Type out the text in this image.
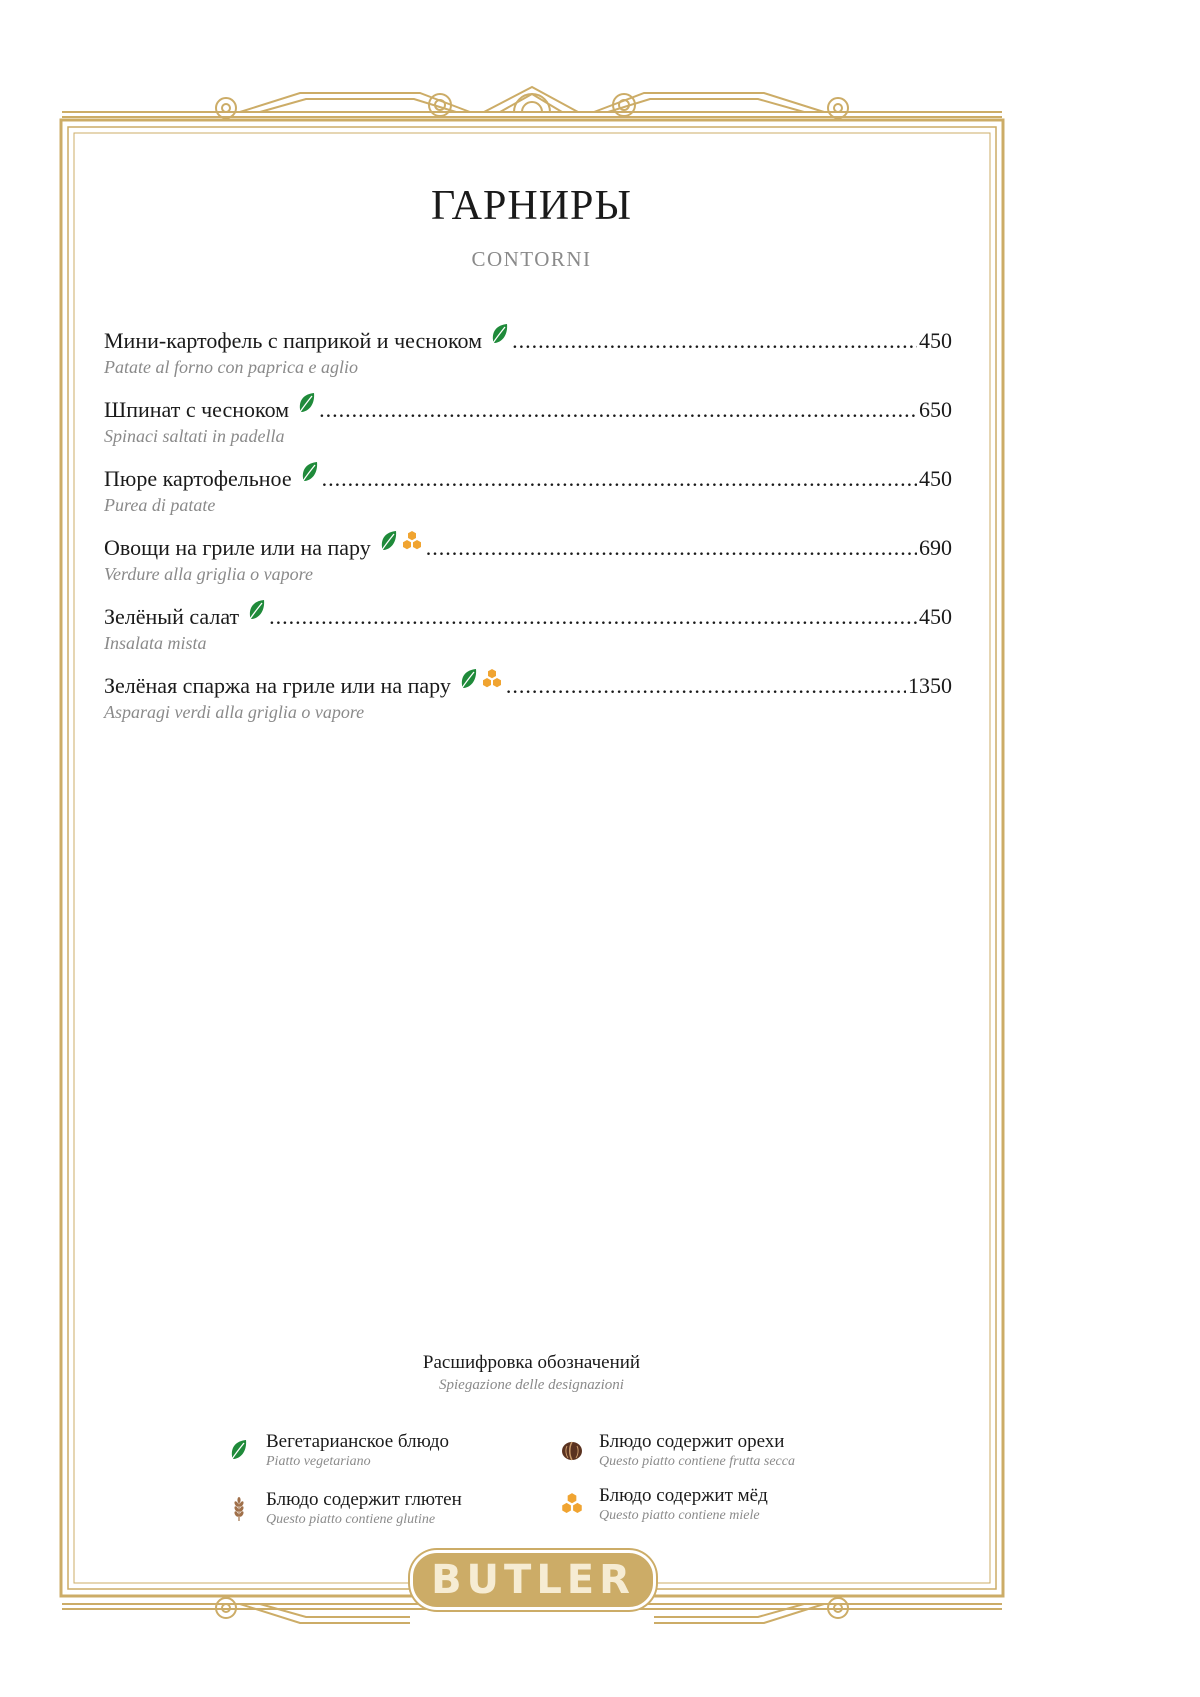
ГАРНИРЫ
CONTORNI
Мини-картофель с паприкой и чесноком .....	450
Patate al forno con paprica e aglio
Шпинат с чесноком .....	650
Spinaci saltati in padella
Пюре картофельное .....	450
Purea di patate
Овощи на гриле или на пару .....	690
Verdure alla griglia o vapore
Зелёный салат .....	450
Insalata mista
Зелёная спаржа на гриле или на пару .....	1350
Asparagi verdi alla griglia o vapore
Расшифровка обозначений
Spiegazione delle designazioni
Вегетарианское блюдо
Piatto vegetariano
Блюдо содержит орехи
Questo piatto contiene frutta secca
Блюдо содержит глютен
Questo piatto contiene glutine
Блюдо содержит мёд
Questo piatto contiene miele
BUTLER
